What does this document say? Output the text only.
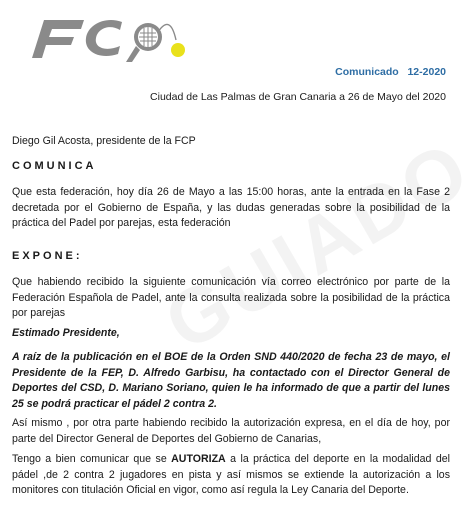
Comunicado   12-2020
Ciudad de Las Palmas de Gran Canaria a 26 de Mayo del 2020
Diego Gil Acosta, presidente de la FCP
COMUNICA
Que esta federación, hoy día 26 de Mayo a las 15:00 horas, ante la entrada en la Fase 2 decretada por el Gobierno de España, y las dudas generadas sobre la posibilidad de la práctica del Padel por parejas, esta federación
EXPONE:
Que habiendo recibido la siguiente comunicación vía correo electrónico por parte de la Federación Española de Padel, ante la consulta realizada sobre la posibilidad de la práctica por parejas
Estimado Presidente,
A raíz de la publicación en el BOE de la Orden SND 440/2020 de fecha 23 de mayo, el Presidente de la FEP, D. Alfredo Garbisu, ha contactado con el Director General de Deportes del CSD, D. Mariano Soriano, quien le ha informado de que a partir del lunes 25 se podrá practicar el pádel 2 contra 2.
Así mismo , por otra parte habiendo recibido la autorización expresa, en el día de hoy, por parte del Director General de Deportes del Gobierno de Canarias,
Tengo a bien comunicar que se AUTORIZA a la práctica del deporte en la modalidad del pádel ,de 2 contra 2 jugadores en pista y así mismos se extiende la autorización a los monitores con titulación Oficial en vigor, como así regula la Ley Canaria del Deporte.
